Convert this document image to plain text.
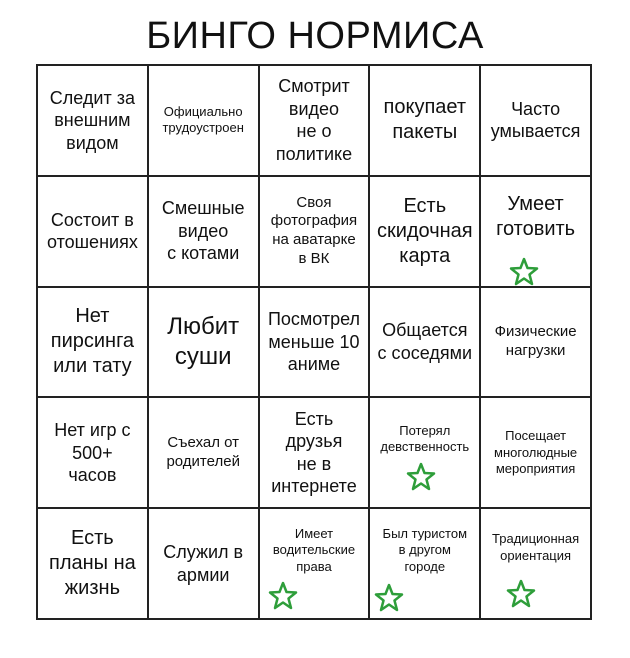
БИНГО НОРМИСА
Следит за
внешним
видом
Официально
трудоустроен
Смотрит
видео
не о
политике
покупает
пакеты
Часто
умывается
Состоит в
отошениях
Смешные
видео
с котами
Своя
фотография
на аватарке
в ВК
Есть
скидочная
карта
Умеет
готовить
Нет
пирсинга
или тату
Любит
суши
Посмотрел
меньше 10
аниме
Общается
с соседями
Физические
нагрузки
Нет игр с
500+
часов
Съехал от
родителей
Есть
друзья
не в
интернете
Потерял
девственность
Посещает
многолюдные
мероприятия
Есть
планы на
жизнь
Служил в
армии
Имеет
водительские
права
Был туристом
в другом
городе
Традиционная
ориентация
